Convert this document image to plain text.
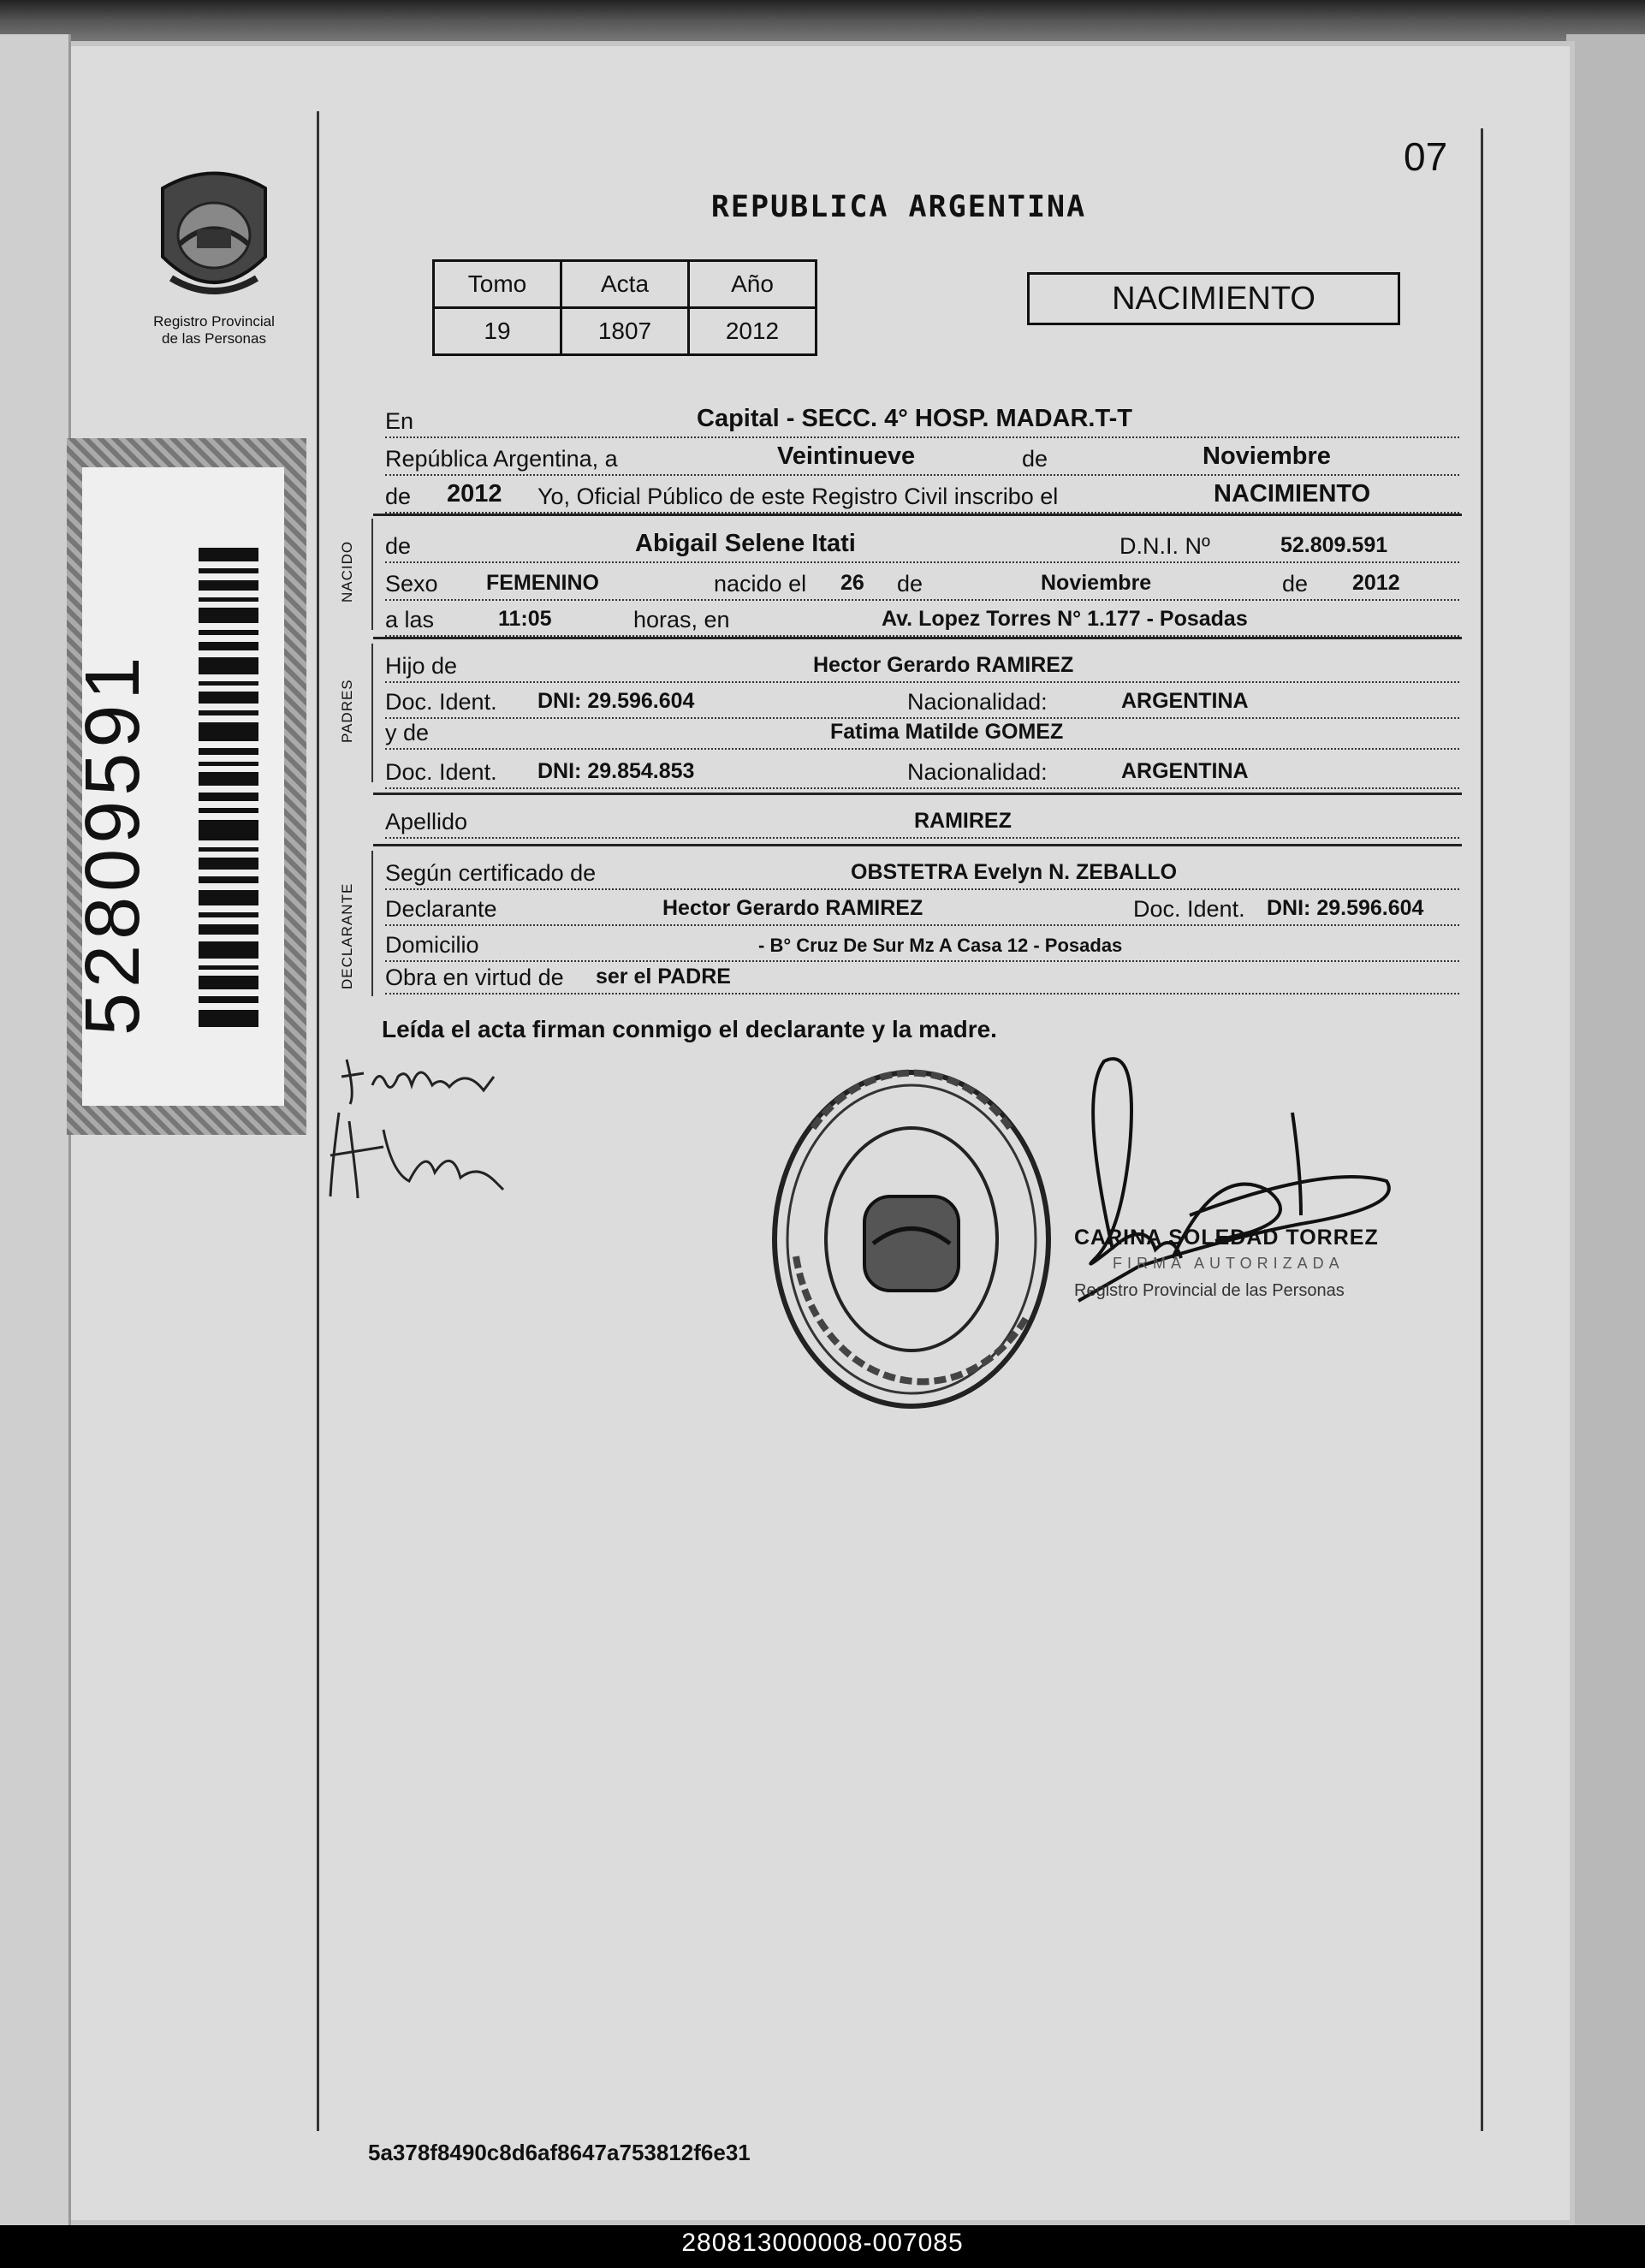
280813000008-007085
Registro Provincial
de las Personas
52809591
07
REPUBLICA ARGENTINA
Tomo	Acta	Año
19	1807	2012
NACIMIENTO
En	Capital - SECC. 4° HOSP. MADAR.T-T
República Argentina, a	Veintinueve	de	Noviembre
de 2012 Yo, Oficial Público de este Registro Civil inscribo el	NACIMIENTO
NACIDO de	Abigail Selene Itati	D.N.I. Nº	52.809.591
Sexo FEMENINO	nacido el 26 de	Noviembre	de 2012
a las	11:05	horas, en	Av. Lopez Torres N° 1.177 - Posadas
PADRES
Hijo de	Hector Gerardo RAMIREZ
Doc. Ident. DNI: 29.596.604	Nacionalidad:	ARGENTINA
y de	Fatima Matilde GOMEZ
Doc. Ident. DNI: 29.854.853	Nacionalidad:	ARGENTINA
Apellido	RAMIREZ
DECLARANTE
Según certificado de	OBSTETRA Evelyn N. ZEBALLO
Declarante	Hector Gerardo RAMIREZ	Doc. Ident. DNI: 29.596.604
Domicilio	- B° Cruz De Sur Mz A Casa 12 - Posadas
Obra en virtud de ser el PADRE
Leída el acta firman conmigo el declarante y la madre.
CARINA SOLEDAD TORREZ
FIRMA AUTORIZADA
Registro Provincial de las Personas
5a378f8490c8d6af8647a753812f6e31
